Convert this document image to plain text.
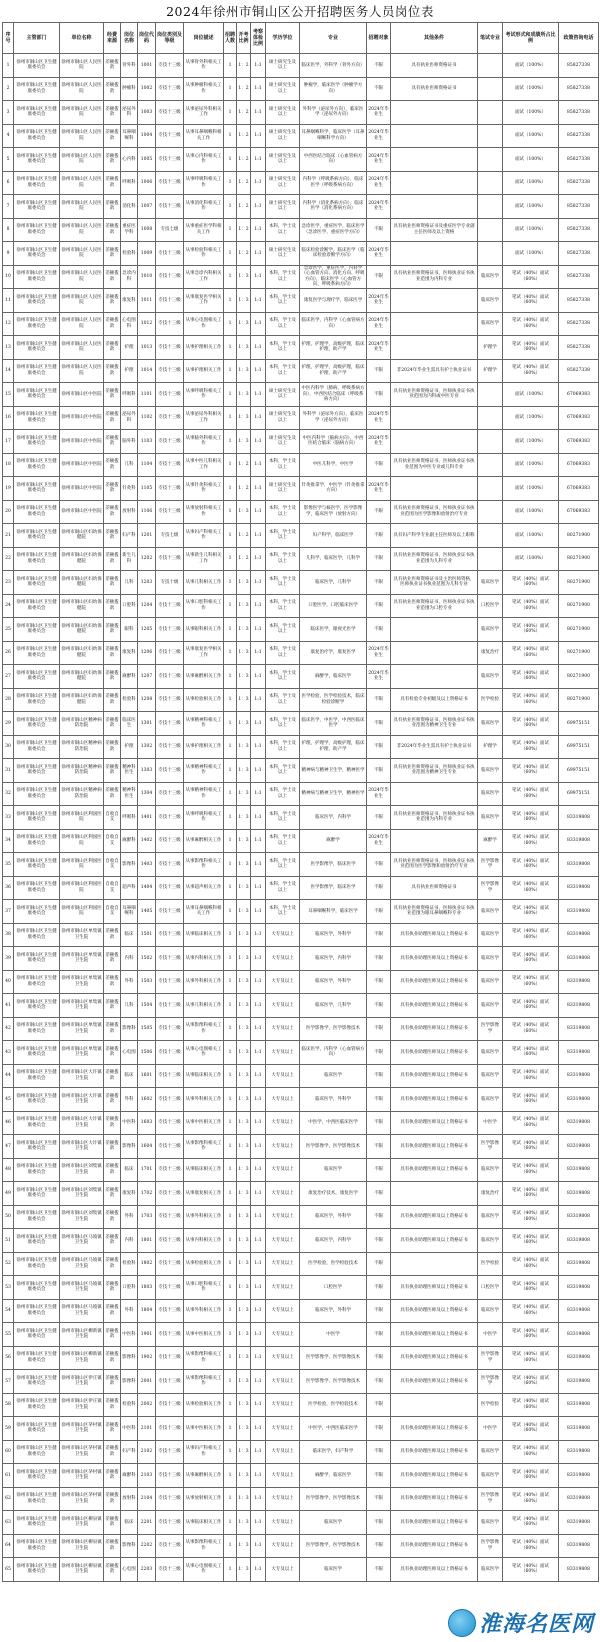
2024年徐州市铜山区公开招聘医务人员岗位表
序号	主管部门	单位名称	经费来源	岗位名称	岗位代码	岗位类别及等级	岗位描述	招聘人数	开考比例	考察体检比例	学历学位	专业	招聘对象	其他条件	笔试专业	考试形式和成绩所占比例	政策咨询电话
1	徐州市铜山区卫生健康委员会	徐州市铜山区人民医院	差额拨款	骨外科	1001	专技十三级	从事骨外科相关工作	1	1：2	1:1	硕士研究生及以上	临床医学，外科学（骨外方向）	不限	具有执业医师资格证书		面试（100%）	85827338
2	徐州市铜山区卫生健康委员会	徐州市铜山区人民医院	差额拨款	肿瘤科	1002	专技十三级	从事肿瘤科相关工作	1	1：2	1:1	硕士研究生及以上	肿瘤学，临床医学（肿瘤学方向）	不限	具有执业医师资格证书		面试（100%）	85827338
3	徐州市铜山区卫生健康委员会	徐州市铜山区人民医院	差额拨款	泌尿外科	1003	专技十三级	从事泌尿外科相关工作	1	1：2	1:1	硕士研究生及以上	外科学（泌尿外方向），临床医学（泌尿外方向）	2024年毕业生			面试（100%）	85827338
4	徐州市铜山区卫生健康委员会	徐州市铜山区人民医院	差额拨款	耳鼻咽喉科	1004	专技十三级	从事耳鼻咽喉科相关工作	1	1：2	1:1	硕士研究生及以上	耳鼻咽喉科学，临床医学（耳鼻咽喉科学方向）	2024年毕业生			面试（100%）	85827338
5	徐州市铜山区卫生健康委员会	徐州市铜山区人民医院	差额拨款	心内科	1005	专技十三级	从事心内科相关工作	1	1：2	1:1	硕士研究生及以上	中西医结合临床（心血管病方向）	2024年毕业生			面试（100%）	85827338
6	徐州市铜山区卫生健康委员会	徐州市铜山区人民医院	差额拨款	呼吸科	1006	专技十三级	从事呼吸科相关工作	1	1：2	1:1	硕士研究生及以上	内科学（呼吸系病方向），临床医学（呼吸系病方向）	2024年毕业生			面试（100%）	85827338
7	徐州市铜山区卫生健康委员会	徐州市铜山区人民医院	差额拨款	消化科	1007	专技十三级	从事消化科相关工作	1	1：2	1:1	硕士研究生及以上	内科学（消化系病方向），临床医学（消化系病方向）	2024年毕业生			面试（100%）	85827338
8	徐州市铜山区卫生健康委员会	徐州市铜山区人民医院	差额拨款	重症医学科	1008	专技七级	从事重症医学科相关工作	1	1：2	1:1	本科，学士及以上	急诊医学，重症医学，临床医学（急诊医学、重症医学方向）	不限	具有执业医师资格证书及重症医学专业副主任医师及以上资格		面试（100%）	85827338
9	徐州市铜山区卫生健康委员会	徐州市铜山区人民医院	差额拨款	检验科	1009	专技十三级	从事检验科相关工作	1	1：2	1:1	硕士研究生及以上	临床检验诊断学，临床医学（临床检验诊断学方向）	2024年毕业生			面试（100%）	85827338
10	徐州市铜山区卫生健康委员会	徐州市铜山区人民医院	差额拨款	急诊内科	1010	专技十三级	从事急诊内科相关工作	1	1：3	1:1	本科，学士及以上	急诊医学，重症医学，内科学（心血管方向、消化方向、呼吸方向），临床医学（心血管方向、呼吸系病方向）	不限	具有执业医师资格证书，医师执业证书执业范围为内科专业	临床医学	笔试（40%）面试（60%）	85827338
11	徐州市铜山区卫生健康委员会	徐州市铜山区人民医院	差额拨款	康复科	1011	专技十三级	从事康复医学相关工作	1	1：3	1:1	本科，学士及以上	康复医学与理疗学，临床医学	2024年毕业生		临床医学	笔试（40%）面试（60%）	85827338
12	徐州市铜山区卫生健康委员会	徐州市铜山区人民医院	差额拨款	心电图科	1012	专技十三级	从事心电图相关工作	1	1：3	1:1	本科，学士及以上	临床医学，内科学（心血管病方向）	2024年毕业生		临床医学	笔试（40%）面试（60%）	85827338
13	徐州市铜山区卫生健康委员会	徐州市铜山区人民医院	差额拨款	护理	1013	专技十三级	从事护理相关工作	1	1：3	1:1	本科，学士及以上	护理，护理学，高级护理，临床护理，助产学	2024年毕业生		护理学	笔试（40%）面试（60%）	85827338
14	徐州市铜山区卫生健康委员会	徐州市铜山区人民医院	差额拨款	护理	1014	专技十三级	从事护理相关工作	1	1：3	1:1	本科，学士及以上	护理，护理学，高级护理，临床护理，助产学	不限	非2024年毕业生需具有护士执业证书	护理学	笔试（40%）面试（60%）	85827338
15	徐州市铜山区卫生健康委员会	徐州市铜山区中医院	差额拨款	呼吸科	1101	专技十三级	从事呼吸科相关工作	1	1：3	1:1	硕士研究生及以上	中医内科学（肺病、呼吸系病方向），中西医结合临床（呼吸系病方向）	不限	具有执业医师资格证书，医师执业证书执业范围为内科或中医专业		面试（100%）	67069383
16	徐州市铜山区卫生健康委员会	徐州市铜山区中医院	差额拨款	泌尿外科	1102	专技十三级	从事泌尿外科相关工作	1	1：3	1:1	硕士研究生及以上	外科学（泌尿外方向），临床医学（泌尿外方向）	2024年毕业生			面试（100%）	67069383
17	徐州市铜山区卫生健康委员会	徐州市铜山区中医院	差额拨款	脑外科	1103	专技十三级	从事脑外科相关工作	1	1：3	1:1	硕士研究生及以上	中医内科学（脑病方向），中西医结合临床（脑病方向）	2024年毕业生			面试（100%）	67069383
18	徐州市铜山区卫生健康委员会	徐州市铜山区中医院	差额拨款	儿科	1104	专技十三级	从事中医儿科相关工作	1	1：2	1:1	本科，学士及以上	中医儿科学，中医学	不限	具有执业医师资格证书，医师执业证书执业范围为中医专业或儿科专业		面试（100%）	67069383
19	徐州市铜山区卫生健康委员会	徐州市铜山区中医院	差额拨款	针灸科	1105	专技十三级	从事针灸科相关工作	1	1：2	1:1	硕士研究生及以上	针灸推拿学，中医学（针灸推拿方向）	2024年毕业生			面试（100%）	67069383
20	徐州市铜山区卫生健康委员会	徐州市铜山区中医院	差额拨款	放射科	1106	专技十三级	从事放射科相关工作	1	1：3	1:1	本科，学士及以上	影像医学与核医学，医学影像学，临床医学（放射方向）	不限	具有执业医师资格证书，医师执业证书执业范围为医学影像和放射治疗专业		面试（100%）	67069383
21	徐州市铜山区卫生健康委员会	徐州市铜山区妇幼保健院	差额拨款	妇产科	1201	专技七级	从事妇产科相关工作	1	1：2	1:1	本科，学士及以上	妇产科学，临床医学	不限	具有妇产科学专业副主任医师及以上职称		面试（100%）	80271900
22	徐州市铜山区卫生健康委员会	徐州市铜山区妇幼保健院	差额拨款	新生儿科	1202	专技十三级	从事新生儿科相关工作	1	1：2	1:1	本科，学士及以上	儿科学，临床医学，儿科学	不限	具有执业医师资格证书，医师执业证书执业范围为儿科专业		面试（100%）	80271900
23	徐州市铜山区卫生健康委员会	徐州市铜山区妇幼保健院	差额拨款	儿科	1203	专技十级	从事儿科相关工作	1	1：3	1:1	本科，学士及以上	临床医学，儿科学	不限	具有执业医师资格证书及主治医师资格，医师执业证书执业范围为儿科专业	临床医学	笔试（40%）面试（60%）	80271900
24	徐州市铜山区卫生健康委员会	徐州市铜山区妇幼保健院	差额拨款	口腔科	1204	专技十三级	从事口腔科相关工作	1	1：3	1:1	本科，学士及以上	口腔医学，口腔临床医学	不限	具有执业医师资格证书，医师执业证书执业范围为口腔专业	口腔医学	笔试（40%）面试（60%）	80271900
25	徐州市铜山区卫生健康委员会	徐州市铜山区妇幼保健院	差额拨款	眼科	1205	专技十三级	从事眼科相关工作	1	1：3	1:1	本科，学士及以上	临床医学，眼视光医学	不限		临床医学	笔试（40%）面试（60%）	80271900
26	徐州市铜山区卫生健康委员会	徐州市铜山区妇幼保健院	差额拨款	康复科	1206	专技十三级	从事康复医学相关工作	1	1：3	1:1	本科，学士及以上	康复治疗学，康复医学	2024年毕业生		康复治疗	笔试（40%）面试（60%）	80271900
27	徐州市铜山区卫生健康委员会	徐州市铜山区妇幼保健院	差额拨款	麻醉科	1207	专技十三级	从事麻醉相关工作	1	1：3	1:1	本科，学士及以上	麻醉学，临床医学	2024年毕业生		临床医学	笔试（40%）面试（60%）	80271900
28	徐州市铜山区卫生健康委员会	徐州市铜山区妇幼保健院	差额拨款	检验科	1208	专技十三级	从事检验相关工作	1	1：3	1:1	本科，学士及以上	医学检验，医学检验技术，临床检验诊断学	不限	具有检验专业初级及以上资格证书	医学检验	笔试（40%）面试（60%）	80271900
29	徐州市铜山区卫生健康委员会	徐州市铜山区精神病防治院	差额拨款	临床医生	1301	专技十三级	从事精神科相关工作	1	1：3	1:1	本科，学士及以上	临床医学，中医学，中西医临床医学	不限	具有执业医师资格证书，医师执业证书执业范围为精神卫生专业	临床医学	笔试（40%）面试（60%）	69975151
30	徐州市铜山区卫生健康委员会	徐州市铜山区精神病防治院	差额拨款	护理	1302	专技十三级	从事护理相关工作	1	1：3	1:1	本科，学士及以上	护理，护理学，高级护理，临床护理，助产学	不限	非2024年毕业生需具有护士执业证书	护理学	笔试（40%）面试（60%）	69975151
31	徐州市铜山区卫生健康委员会	徐州市铜山区精神病防治院	差额拨款	精神科医生	1303	专技十三级	从事精神科相关工作	1	1：3	1:1	本科，学士及以上	精神病与精神卫生学，精神医学	不限	具有执业医师资格证书，医师执业证书执业范围为精神卫生专业	临床医学	笔试（40%）面试（60%）	69975151
32	徐州市铜山区卫生健康委员会	徐州市铜山区精神病防治院	差额拨款	精神科医生	1304	专技十三级	从事精神科相关工作	1	1：3	1:1	本科，学士及以上	精神病与精神卫生学，精神医学	2024年毕业生		临床医学	笔试（40%）面试（60%）	69975151
33	徐州市铜山区卫生健康委员会	徐州市铜山区利国医院	自收自支	呼吸科	1401	专技十三级	从事呼吸科相关工作	1	1：3	1:1	本科，学士及以上	临床医学，内科学	不限	具有执业医师资格证书，医师执业证书执业范围为内科专业	临床医学	笔试（40%）面试（60%）	83319808
34	徐州市铜山区卫生健康委员会	徐州市铜山区利国医院	自收自支	麻醉科	1402	专技十三级	从事麻醉相关工作	1	1：3	1:1	本科，学士及以上	麻醉学	2024年毕业生		麻醉学	笔试（40%）面试（60%）	83319808
35	徐州市铜山区卫生健康委员会	徐州市铜山区利国医院	自收自支	影像科	1403	专技十三级	从事影像科相关工作	1	1：3	1:1	本科，学士及以上	医学影像学，临床医学	不限	具有执业医师资格证书，医师执业证书执业范围为医学影像和放射治疗专业	医学影像学	笔试（40%）面试（60%）	83319808
36	徐州市铜山区卫生健康委员会	徐州市铜山区利国医院	自收自支	超声科	1404	专技十三级	从事超声相关工作	1	1：3	1:1	本科，学士及以上	医学影像学，临床医学	不限	具有执业医师资格证书	医学影像学	笔试（40%）面试（60%）	83319808
37	徐州市铜山区卫生健康委员会	徐州市铜山区利国医院	自收自支	耳鼻咽喉科	1405	专技十三级	从事耳鼻咽喉科相关工作	1	1：3	1:1	本科，学士及以上	耳鼻咽喉科学，临床医学	不限	具有执业医师资格证书，医师执业证书执业范围为眼耳鼻咽喉科专业	临床医学	笔试（40%）面试（60%）	83319808
38	徐州市铜山区卫生健康委员会	徐州市铜山区单集镇卫生院	差额拨款	临床	1501	专技十三级	从事临床相关工作	1	1：3	1:1	大专及以上	临床医学，外科学	不限	具有执业助理医师及以上资格证书	临床医学	笔试（40%）面试（60%）	83319808
39	徐州市铜山区卫生健康委员会	徐州市铜山区单集镇卫生院	差额拨款	内科	1502	专技十三级	从事内科相关工作	1	1：3	1:1	大专及以上	临床医学，内科学	不限	具有执业助理医师及以上资格证书	临床医学	笔试（40%）面试（60%）	83319808
40	徐州市铜山区卫生健康委员会	徐州市铜山区单集镇卫生院	差额拨款	外科	1503	专技十三级	从事外科相关工作	1	1：3	1:1	大专及以上	临床医学，外科学	不限	具有执业助理医师及以上资格证书	临床医学	笔试（40%）面试（60%）	83319808
41	徐州市铜山区卫生健康委员会	徐州市铜山区单集镇卫生院	差额拨款	儿科	1504	专技十三级	从事儿科相关工作	1	1：3	1:1	大专及以上	临床医学，儿科学	不限	具有执业助理医师及以上资格证书	临床医学	笔试（40%）面试（60%）	83319808
42	徐州市铜山区卫生健康委员会	徐州市铜山区单集镇卫生院	差额拨款	影像科	1505	专技十三级	从事影像科相关工作	1	1：3	1:1	大专及以上	医学影像学，医学影像技术	不限	具有执业助理医师及以上资格证书	医学影像学	笔试（40%）面试（60%）	83319808
43	徐州市铜山区卫生健康委员会	徐州市铜山区单集镇卫生院	差额拨款	心电图	1506	专技十三级	从事心电图相关工作	1	1：3	1:1	大专及以上	临床医学，内科学（心血管病方向）	不限	具有执业助理医师及以上资格证书	临床医学	笔试（40%）面试（60%）	83319808
44	徐州市铜山区卫生健康委员会	徐州市铜山区大许镇卫生院	差额拨款	临床	1601	专技十三级	从事临床相关工作	1	1：3	1:1	大专及以上	临床医学	不限	具有执业助理医师及以上资格证书	临床医学	笔试（40%）面试（60%）	83319808
45	徐州市铜山区卫生健康委员会	徐州市铜山区大许镇卫生院	差额拨款	外科	1602	专技十三级	从事外科相关工作	1	1：3	1:1	大专及以上	临床医学，外科学	不限	具有执业助理医师及以上资格证书	临床医学	笔试（40%）面试（60%）	83319808
46	徐州市铜山区卫生健康委员会	徐州市铜山区大许镇卫生院	差额拨款	中医科	1603	专技十三级	从事中医相关工作	1	1：3	1:1	大专及以上	中医学，中西医临床医学	不限	具有执业助理医师及以上资格证书	中医学	笔试（40%）面试（60%）	83319808
47	徐州市铜山区卫生健康委员会	徐州市铜山区大许镇卫生院	差额拨款	影像科	1604	专技十三级	从事影像科相关工作	1	1：3	1:1	大专及以上	医学影像学，医学影像技术	不限	具有执业助理医师及以上资格证书	医学影像学	笔试（40%）面试（60%）	83319808
48	徐州市铜山区卫生健康委员会	徐州市铜山区刘集镇卫生院	差额拨款	临床	1701	专技十三级	从事临床相关工作	1	1：3	1:1	大专及以上	临床医学	不限	具有执业助理医师及以上资格证书	临床医学	笔试（40%）面试（60%）	83319808
49	徐州市铜山区卫生健康委员会	徐州市铜山区刘集镇卫生院	差额拨款	康复科	1702	专技十三级	从事康复相关工作	1	1：3	1:1	大专及以上	康复治疗技术，康复医学	不限		康复治疗	笔试（40%）面试（60%）	83319808
50	徐州市铜山区卫生健康委员会	徐州市铜山区刘集镇卫生院	差额拨款	外科	1703	专技十三级	从事外科相关工作	1	1：3	1:1	大专及以上	临床医学，外科学	不限	具有执业助理医师及以上资格证书	临床医学	笔试（40%）面试（60%）	83319808
51	徐州市铜山区卫生健康委员会	徐州市铜山区马坡镇卫生院	差额拨款	内科	1801	专技十三级	从事内科相关工作	1	1：3	1:1	大专及以上	临床医学，内科学	不限	具有执业助理医师及以上资格证书	临床医学	笔试（40%）面试（60%）	83319808
52	徐州市铜山区卫生健康委员会	徐州市铜山区马坡镇卫生院	差额拨款	检验科	1802	专技十三级	从事检验相关工作	1	1：3	1:1	大专及以上	医学检验，医学检验技术	不限		医学检验	笔试（40%）面试（60%）	83319808
53	徐州市铜山区卫生健康委员会	徐州市铜山区马坡镇卫生院	差额拨款	口腔科	1803	专技十三级	从事口腔科相关工作	1	1：3	1:1	大专及以上	口腔医学	不限	具有执业助理医师及以上资格证书	口腔医学	笔试（40%）面试（60%）	83319808
54	徐州市铜山区卫生健康委员会	徐州市铜山区马坡镇卫生院	差额拨款	外科	1804	专技十三级	从事外科相关工作	1	1：3	1:1	大专及以上	临床医学，外科学	不限	具有执业助理医师及以上资格证书	临床医学	笔试（40%）面试（60%）	83319808
55	徐州市铜山区卫生健康委员会	徐州市铜山区柳新镇卫生院	差额拨款	中医科	1901	专技十三级	从事中医相关工作	1	1：3	1:1	大专及以上	中医学	不限	具有执业助理医师及以上资格证书	中医学	笔试（40%）面试（60%）	83319808
56	徐州市铜山区卫生健康委员会	徐州市铜山区柳新镇卫生院	差额拨款	影像科	1902	专技十三级	从事影像科相关工作	1	1：3	1:1	大专及以上	医学影像学，医学影像技术	不限	具有执业助理医师及以上资格证书	医学影像学	笔试（40%）面试（60%）	83319808
57	徐州市铜山区卫生健康委员会	徐州市铜山区伊庄镇卫生院	差额拨款	影像科	2001	专技十三级	从事影像科相关工作	1	1：3	1:1	大专及以上	医学影像学，医学影像技术	不限	具有执业助理医师及以上资格证书	医学影像学	笔试（40%）面试（60%）	83319808
58	徐州市铜山区卫生健康委员会	徐州市铜山区伊庄镇卫生院	差额拨款	检验科	2002	专技十三级	从事检验相关工作	1	1：3	1:1	大专及以上	医学检验，医学检验技术	不限		医学检验	笔试（40%）面试（60%）	83319808
59	徐州市铜山区卫生健康委员会	徐州市铜山区茅村镇卫生院	差额拨款	中医科	2101	专技十三级	从事中医相关工作	1	1：3	1:1	大专及以上	中医学，中西医临床医学	不限	具有执业助理医师及以上资格证书	中医学	笔试（40%）面试（60%）	83319808
60	徐州市铜山区卫生健康委员会	徐州市铜山区茅村镇卫生院	差额拨款	妇产科	2102	专技十三级	从事妇产科相关工作	1	1：3	1:1	大专及以上	临床医学，妇产科学	不限	具有执业助理医师及以上资格证书	临床医学	笔试（40%）面试（60%）	83319808
61	徐州市铜山区卫生健康委员会	徐州市铜山区茅村镇卫生院	差额拨款	麻醉科	2103	专技十三级	从事麻醉相关工作	1	1：3	1:1	大专及以上	麻醉学，临床医学	不限	具有执业助理医师及以上资格证书	临床医学	笔试（40%）面试（60%）	83319808
62	徐州市铜山区卫生健康委员会	徐州市铜山区茅村镇卫生院	差额拨款	放射科	2104	专技十三级	从事放射相关工作	1	1：3	1:1	大专及以上	医学影像学，医学影像技术	不限	具有执业助理医师及以上资格证书	医学影像学	笔试（40%）面试（60%）	83319808
63	徐州市铜山区卫生健康委员会	徐州市铜山区柳泉镇卫生院	差额拨款	临床	2201	专技十三级	从事临床相关工作	1	1：3	1:1	大专及以上	临床医学	不限	具有执业助理医师及以上资格证书	临床医学	笔试（40%）面试（60%）	83319808
64	徐州市铜山区卫生健康委员会	徐州市铜山区柳泉镇卫生院	差额拨款	影像科	2202	专技十三级	从事影像科相关工作	1	1：3	1:1	大专及以上	医学影像学，医学影像技术	不限	具有执业助理医师及以上资格证书	医学影像学	笔试（40%）面试（60%）	83319808
65	徐州市铜山区卫生健康委员会	徐州市铜山区柳泉镇卫生院	差额拨款	心电图	2203	专技十三级	从事心电图相关工作	1	1：3	1:1	大专及以上	临床医学	不限	具有执业助理医师及以上资格证书	临床医学	笔试（40%）面试（60%）	83319808
淮海名医网
